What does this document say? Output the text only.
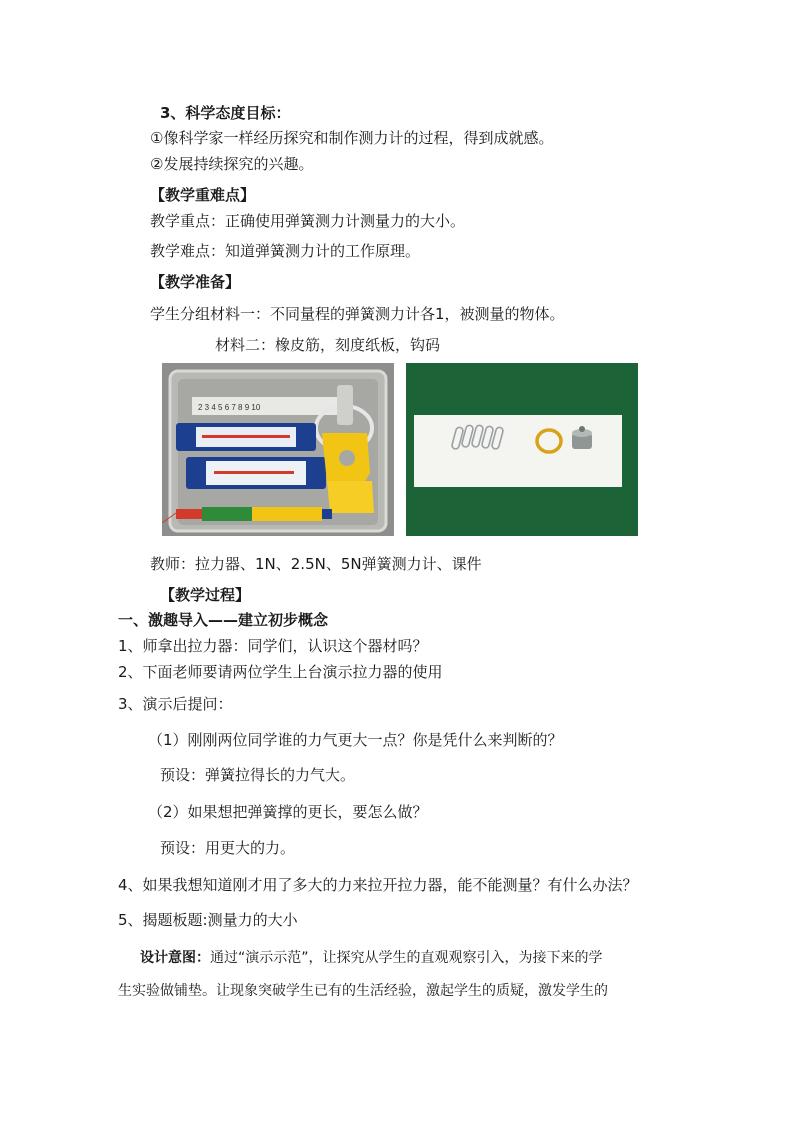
3、科学态度目标：
①像科学家一样经历探究和制作测力计的过程，得到成就感。
②发展持续探究的兴趣。
【教学重难点】
教学重点：正确使用弹簧测力计测量力的大小。
教学难点：知道弹簧测力计的工作原理。
【教学准备】
学生分组材料一：不同量程的弹簧测力计各1，被测量的物体。
材料二：橡皮筋，刻度纸板，钩码
2 3 4 5 6 7 8 9 10
教师：拉力器、1N、2.5N、5N弹簧测力计、课件
【教学过程】
一、激趣导入——建立初步概念
1、师拿出拉力器：同学们，认识这个器材吗？
2、下面老师要请两位学生上台演示拉力器的使用
3、演示后提问：
（1）刚刚两位同学谁的力气更大一点？你是凭什么来判断的？
预设：弹簧拉得长的力气大。
（2）如果想把弹簧撑的更长，要怎么做？
预设：用更大的力。
4、如果我想知道刚才用了多大的力来拉开拉力器，能不能测量？有什么办法？
5、揭题板题:测量力的大小
设计意图：通过“演示示范”，让探究从学生的直观观察引入，为接下来的学
生实验做铺垫。让现象突破学生已有的生活经验，激起学生的质疑，激发学生的
